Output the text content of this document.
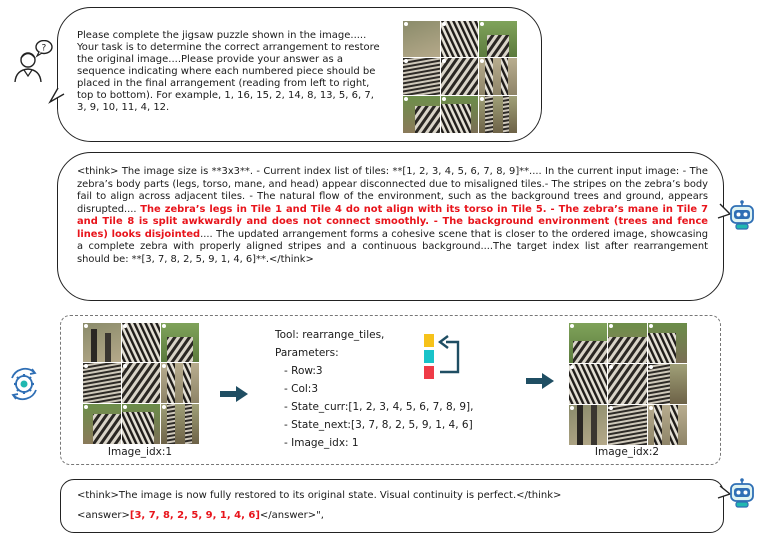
?
Please complete the jigsaw puzzle shown in the image..... Your task is to determine the correct arrangement to restore the original image....Please provide your answer as a sequence indicating where each numbered piece should be placed in the final arrangement (reading from left to right, top to bottom). For example, 1, 16, 15, 2, 14, 8, 13, 5, 6, 7, 3, 9, 10, 11, 4, 12.
<think> The image size is **3x3**. - Current index list of tiles: **[1, 2, 3, 4, 5, 6, 7, 8, 9]**.... In the current input image: - The zebra’s body parts (legs, torso, mane, and head) appear disconnected due to misaligned tiles.- The stripes on the zebra’s body fail to align across adjacent tiles. - The natural flow of the environment, such as the background trees and ground, appears disrupted.... The zebra’s legs in Tile 1 and Tile 4 do not align with its torso in Tile 5. - The zebra’s mane in Tile 7 and Tile 8 is split awkwardly and does not connect smoothly. - The background environment (trees and fence lines) looks disjointed.... The updated arrangement forms a cohesive scene that is closer to the ordered image, showcasing a complete zebra with properly aligned stripes and a continuous background....The target index list after rearrangement should be: **[3, 7, 8, 2, 5, 9, 1, 4, 6]**.</think>
Image_idx:1
Tool: rearrange_tiles,
Parameters:
- Row:3
- Col:3
- State_curr:[1, 2, 3, 4, 5, 6, 7, 8, 9],
- State_next:[3, 7, 8, 2, 5, 9, 1, 4, 6]
- Image_idx: 1
Image_idx:2
<think>The image is now fully restored to its original state. Visual continuity is perfect.</think>
<answer>[3, 7, 8, 2, 5, 9, 1, 4, 6]</answer>",
